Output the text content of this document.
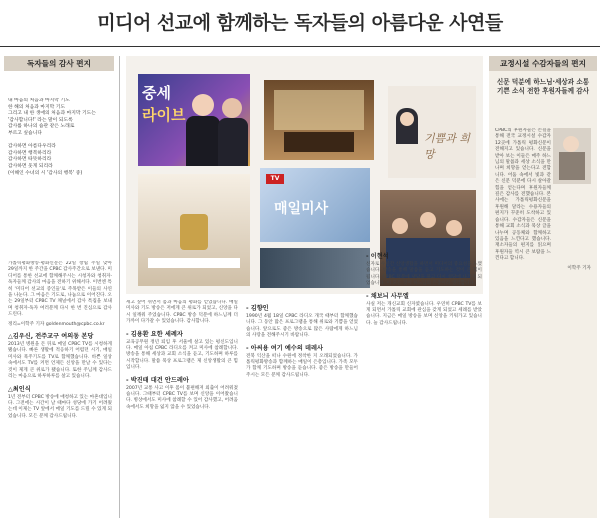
미디어 선교에 함께하는 독자들의 아름다운 사연들
독자들의 감사 편지

내 마음의 처음과 마지막 기도

한 해의 처음과 마지막 기도

그리고 내 한 생애의 처음과 마지막 기도는

'감사합니다!' 라는 말이 되도록

감사를 하나의 습관 같은 노래로

부르고 싶습니다

감사하면 아름다우리라

감사하면 행복하리라

감사하면 따뜻하리라

감사하면 웃게 되리라

(이해인 수녀의 시 '감사의 행복' 중)

가톨릭평화방송·평화신문은 22일 창립 주일 맞아 29일까지 한 주간을 CPBC 감사주간으로 보낸다. 미디어를 통한 선교에 함께해주시는 시청자와 청취자·독자들께 감사의 마음을 전하기 위해서다. 이번엔 특히 '미디어 선교의 증인들'로 주목받은 이들의 사연을 나눈다. 그 마음은 기도로, 나눔으로 이어진다. 오는 29일부터 CPBC TV 채널에서 감사 특집을 보내며 청취자·독자 여러분께 다시 한 번 진심으로 감사드린다.

정리=이학주 기자 goldenmouth@cpbc.co.kr

△김우신, 전주교구 여의동 본당

2013년 병원을 돈 뒤로 매일 CPBC TV를 시청하게 됐습니다. 빠른 생활에 적응하기 어렵던 시기, 매일 미사와 묵주기도를 TV로 함께했습니다. 바쁜 일상 속에서도 TV를 켜면 언제든 신앙을 만날 수 있다는 것이 제게 큰 위로가 됐습니다. 또한 주님께 감사드리는 마음으로 하루하루를 살고 있습니다.

△최인식

1년 전부터 CPBC 방송에 애청하고 있는 마흔대입니다. 그전에는 시간이 날 때마다 성당에 가기 어려웠는데 이제는 TV 앞에서 매일 기도를 드릴 수 있게 되었습니다. 모든 분께 감사드립니다.

중세
라이브
기쁨과 희망
TV
매일미사

세고 싶어 쉬면서 몸과 마음의 평화를 얻었습니다. 매일 미사와 기도 방송은 저에게 큰 위로가 되었고, 신앙을 다시 일깨워 주었습니다. CPBC 방송 덕분에 하느님께 더 가까이 다가갈 수 있었습니다. 감사합니다.

- 김용환 요한 세례자

교육공무원 정년 퇴임 후 서울에 살고 있는 평신도입니다. 매일 아침 CPBC 라디오를 켜고 미사에 참례합니다. 방송을 통해 세상과 교회 소식을 듣고, 기도하며 하루를 시작합니다. 말씀 묵상 프로그램은 제 신앙생활의 큰 힘입니다.

- 박진태 대건 안드레아

2007년 교통 사고 이후 몸이 불편해져 외출이 어려워졌습니다. 그때부터 CPBC TV를 보며 신앙을 이어왔습니다. 병상에서도 미사에 참례할 수 있어 감사했고, 어려움 속에서도 희망을 잃지 않을 수 있었습니다.

- 김향인

1990년 4월 18일 CPBC 라디오 개국 때부터 함께했습니다. 그 동안 많은 프로그램을 통해 위로와 기쁨을 얻었습니다. 앞으로도 좋은 방송으로 많은 사람에게 하느님의 사랑을 전해주시기 바랍니다.

- 아씨용 여기 예수의 데레사

전북 익산을 떠나 수원에 정착한 지 오래되었습니다. 가톨릭평화방송과 함께하는 매일이 은총입니다. 가족 모두가 함께 기도하며 방송을 듣습니다. 좋은 방송을 만들어주시는 모든 분께 감사드립니다.

- 이현석

신자로 수년간 신앙생활을 하면서 미디어의 중요성을 느꼈습니다. 방송을 통해 말씀을 듣고 기도하는 것이 큰 힘이 됩니다. CPBC 덕분에 냉담을 풀고 다시 성당에 나가게 되었습니다. 이 모든 것이 하느님의 은총이라 생각합니다.

- 채보늬 사무엘

사실 저는 개신교회 신자였습니다. 우연히 CPBC TV를 보게 되면서 가톨릭 교회에 관심을 갖게 되었고 세례를 받았습니다. 지금은 매일 방송을 보며 신앙을 키워가고 있습니다. 늘 감사드립니다.

교정시설 수감자들의 편지
신문 덕분에 하느님·세상과 소통 기쁜 소식 전한 후원자들께 감사

CPBC의 후원자들은 손길을 통해 전국 교정시설 수감자 12곳에 가톨릭 평화신문이 전해지고 있습니다. 신문을 받아 보는 이들은 매주 하느님의 말씀과 세상 소식을 만나며 희망을 얻는다고 전합니다. 어둠 속에서 빛과 같은 신문 덕분에 다시 살아갈 힘을 얻는다며 후원자들께 깊은 감사를 전했습니다. 본사에는 가톨릭평화신문을 후원해 달라는 수용자들의 편지가 꾸준히 도착하고 있습니다. 수감자들은 신문을 통해 교회 소식과 묵상 글을 나누며 공동체와 함께하고 있음을 느낀다고 했습니다. 재소자들의 편지를 읽으며 후원자들 역시 큰 보람을 느낀다고 합니다.

이학주 기자
